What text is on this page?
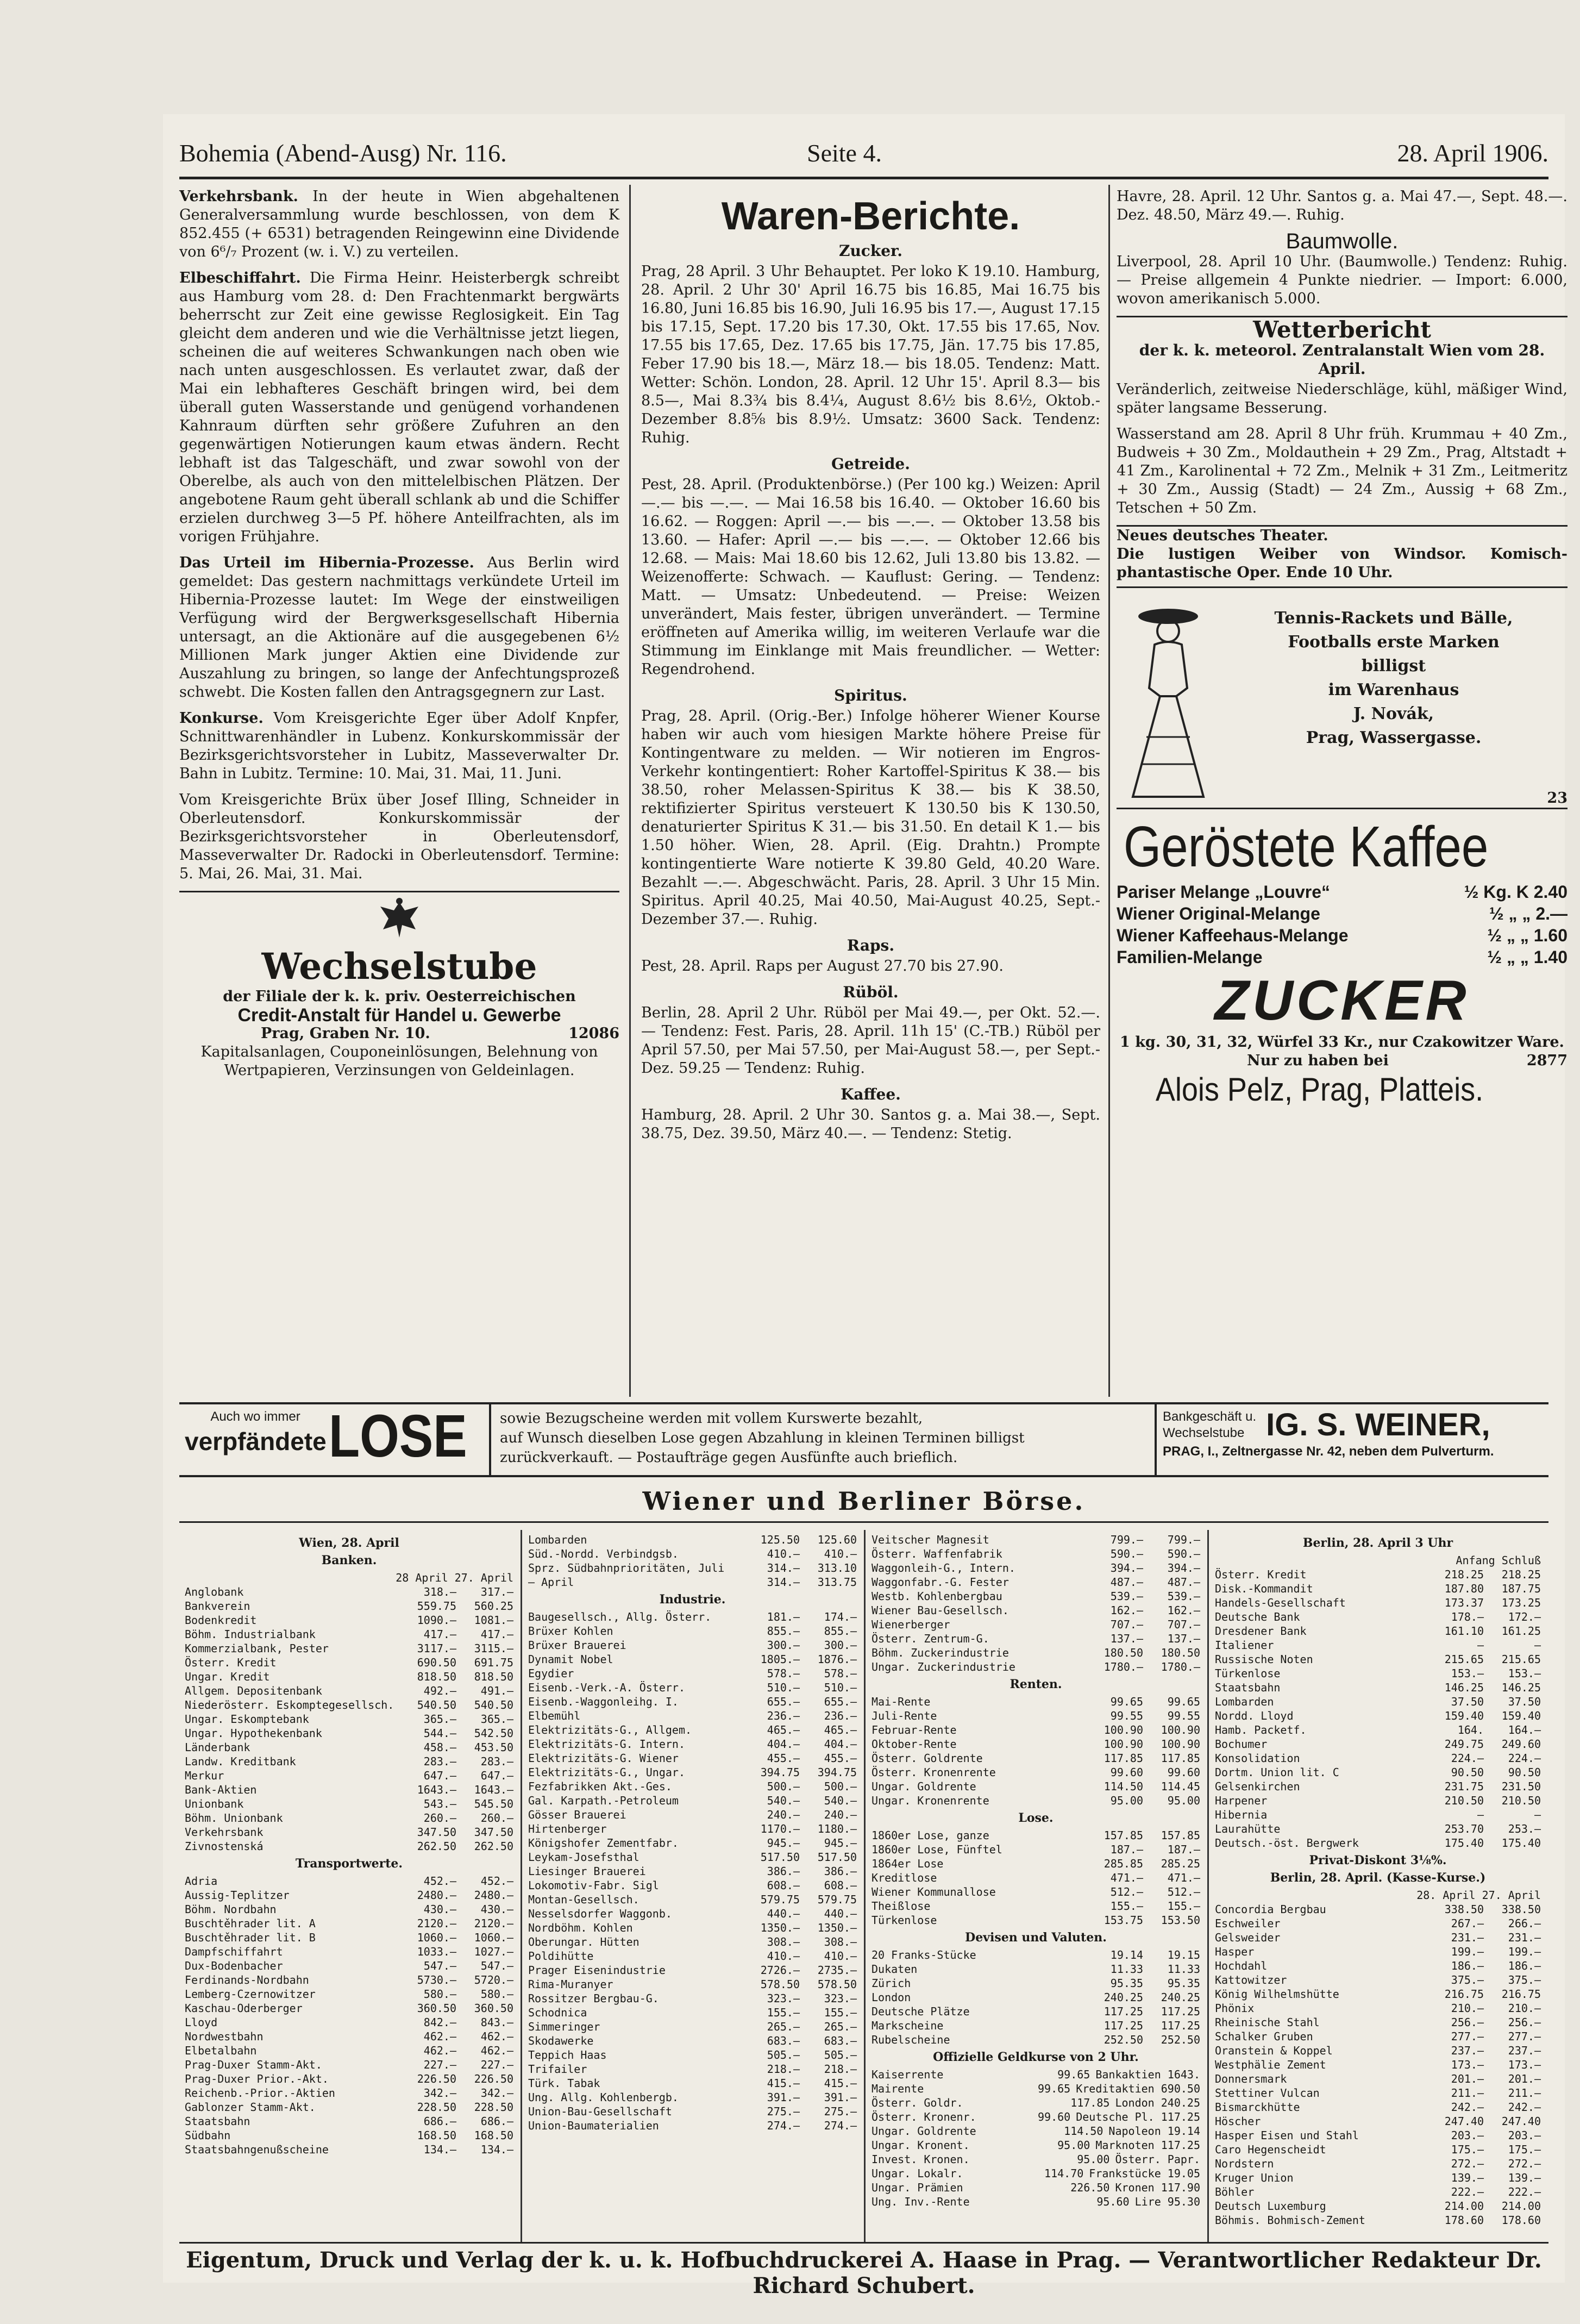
Bohemia (Abend-Ausg) Nr. 116.	Seite 4.	28. April 1906.

Verkehrsbank. In der heute in Wien abgehaltenen Generalversammlung wurde beschlossen, von dem K 852.455 (+ 6531) betragenden Reingewinn eine Dividende von 6⁶/₇ Prozent (w. i. V.) zu verteilen.

Elbeschiffahrt. Die Firma Heinr. Heisterbergk schreibt aus Hamburg vom 28. d: Den Frachtenmarkt bergwärts beherrscht zur Zeit eine gewisse Reglosigkeit. Ein Tag gleicht dem anderen und wie die Verhältnisse jetzt liegen, scheinen die auf weiteres Schwankungen nach oben wie nach unten ausgeschlossen. Es verlautet zwar, daß der Mai ein lebhafteres Geschäft bringen wird, bei dem überall guten Wasserstande und genügend vorhandenen Kahnraum dürften sehr größere Zufuhren an den gegenwärtigen Notierungen kaum etwas ändern. Recht lebhaft ist das Talgeschäft, und zwar sowohl von der Oberelbe, als auch von den mittelelbischen Plätzen. Der angebotene Raum geht überall schlank ab und die Schiffer erzielen durchweg 3—5 Pf. höhere Anteilfrachten, als im vorigen Frühjahre.

Das Urteil im Hibernia-Prozesse. Aus Berlin wird gemeldet: Das gestern nachmittags verkündete Urteil im Hibernia-Prozesse lautet: Im Wege der einstweiligen Verfügung wird der Bergwerksgesellschaft Hibernia untersagt, an die Aktionäre auf die ausgegebenen 6½ Millionen Mark junger Aktien eine Dividende zur Auszahlung zu bringen, so lange der Anfechtungsprozeß schwebt. Die Kosten fallen den Antragsgegnern zur Last.

Konkurse. Vom Kreisgerichte Eger über Adolf Knpfer, Schnittwarenhändler in Lubenz. Konkurskommissär der Bezirksgerichtsvorsteher in Lubitz, Masseverwalter Dr. Bahn in Lubitz. Termine: 10. Mai, 31. Mai, 11. Juni.

Vom Kreisgerichte Brüx über Josef Illing, Schneider in Oberleutensdorf. Konkurskommissär der Bezirksgerichtsvorsteher in Oberleutensdorf, Masseverwalter Dr. Radocki in Oberleutensdorf. Termine: 5. Mai, 26. Mai, 31. Mai.

Wechselstube
der Filiale der k. k. priv. Oesterreichischen
Credit-Anstalt für Handel u. Gewerbe
Prag, Graben Nr. 10.	12086
Kapitalsanlagen, Couponeinlösungen, Belehnung von Wertpapieren, Verzinsungen von Geldeinlagen.
Waren-Berichte.
Zucker.

Prag, 28 April. 3 Uhr Behauptet. Per loko K 19.10. Hamburg, 28. April. 2 Uhr 30' April 16.75 bis 16.85, Mai 16.75 bis 16.80, Juni 16.85 bis 16.90, Juli 16.95 bis 17.—, August 17.15 bis 17.15, Sept. 17.20 bis 17.30, Okt. 17.55 bis 17.65, Nov. 17.55 bis 17.65, Dez. 17.65 bis 17.75, Jän. 17.75 bis 17.85, Feber 17.90 bis 18.—, März 18.— bis 18.05. Tendenz: Matt. Wetter: Schön. London, 28. April. 12 Uhr 15'. April 8.3— bis 8.5—, Mai 8.3¾ bis 8.4¼, August 8.6½ bis 8.6½, Oktob.-Dezember 8.8⅝ bis 8.9½. Umsatz: 3600 Sack. Tendenz: Ruhig.

Getreide.

Pest, 28. April. (Produktenbörse.) (Per 100 kg.) Weizen: April —.— bis —.—. — Mai 16.58 bis 16.40. — Oktober 16.60 bis 16.62. — Roggen: April —.— bis —.—. — Oktober 13.58 bis 13.60. — Hafer: April —.— bis —.—. — Oktober 12.66 bis 12.68. — Mais: Mai 18.60 bis 12.62, Juli 13.80 bis 13.82. — Weizenofferte: Schwach. — Kauflust: Gering. — Tendenz: Matt. — Umsatz: Unbedeutend. — Preise: Weizen unverändert, Mais fester, übrigen unverändert. — Termine eröffneten auf Amerika willig, im weiteren Verlaufe war die Stimmung im Einklange mit Mais freundlicher. — Wetter: Regendrohend.

Spiritus.

Prag, 28. April. (Orig.-Ber.) Infolge höherer Wiener Kourse haben wir auch vom hiesigen Markte höhere Preise für Kontingentware zu melden. — Wir notieren im Engros-Verkehr kontingentiert: Roher Kartoffel-Spiritus K 38.— bis 38.50, roher Melassen-Spiritus K 38.— bis K 38.50, rektifizierter Spiritus versteuert K 130.50 bis K 130.50, denaturierter Spiritus K 31.— bis 31.50. En detail K 1.— bis 1.50 höher. Wien, 28. April. (Eig. Drahtn.) Prompte kontingentierte Ware notierte K 39.80 Geld, 40.20 Ware. Bezahlt —.—. Abgeschwächt. Paris, 28. April. 3 Uhr 15 Min. Spiritus. April 40.25, Mai 40.50, Mai-August 40.25, Sept.-Dezember 37.—. Ruhig.

Raps.

Pest, 28. April. Raps per August 27.70 bis 27.90.

Rüböl.

Berlin, 28. April 2 Uhr. Rüböl per Mai 49.—, per Okt. 52.—. — Tendenz: Fest. Paris, 28. April. 11h 15' (C.-TB.) Rüböl per April 57.50, per Mai 57.50, per Mai-August 58.—, per Sept.-Dez. 59.25 — Tendenz: Ruhig.

Kaffee.

Hamburg, 28. April. 2 Uhr 30. Santos g. a. Mai 38.—, Sept. 38.75, Dez. 39.50, März 40.—. — Tendenz: Stetig.

Havre, 28. April. 12 Uhr. Santos g. a. Mai 47.—, Sept. 48.—. Dez. 48.50, März 49.—. Ruhig.

Baumwolle.

Liverpool, 28. April 10 Uhr. (Baumwolle.) Tendenz: Ruhig. — Preise allgemein 4 Punkte niedrier. — Import: 6.000, wovon amerikanisch 5.000.

Wetterbericht
der k. k. meteorol. Zentralanstalt Wien vom 28. April.

Veränderlich, zeitweise Niederschläge, kühl, mäßiger Wind, später langsame Besserung.

Wasserstand am 28. April 8 Uhr früh. Krummau + 40 Zm., Budweis + 30 Zm., Moldauthein + 29 Zm., Prag, Altstadt + 41 Zm., Karolinental + 72 Zm., Melnik + 31 Zm., Leitmeritz + 30 Zm., Aussig (Stadt) — 24 Zm., Aussig + 68 Zm., Tetschen + 50 Zm.

Neues deutsches Theater.

Die lustigen Weiber von Windsor. Komisch-phantastische Oper. Ende 10 Uhr.

Tennis-Rackets und Bälle,
Footballs erste Marken
billigst
im Warenhaus
J. Novák,
Prag, Wassergasse.
23
Geröstete Kaffee
Pariser Melange „Louvre“	½ Kg. K 2.40
Wiener Original-Melange	½ „ „ 2.—
Wiener Kaffeehaus-Melange	½ „ „ 1.60
Familien-Melange	½ „ „ 1.40
ZUCKER
1 kg. 30, 31, 32, Würfel 33 Kr., nur Czakowitzer Ware.
Nur zu haben bei	2877
Alois Pelz, Prag, Platteis.
Auch wo immer
verpfändete LOSE sowie Bezugscheine werden mit vollem Kurswerte bezahlt,
auf Wunsch dieselben Lose gegen Abzahlung in kleinen Terminen billigst
zurückverkauft. — Postaufträge gegen Ausfünfte auch brieflich.
Bankgeschäft u.
Wechselstube IG. S. WEINER,
PRAG, I., Zeltnergasse Nr. 42, neben dem Pulverturm.
Wiener und Berliner Börse.
Wien, 28. April
Banken.
28 April 27. April
Anglobank	318.— 317.—
Bankverein	559.75 560.25
Bodenkredit	1090.— 1081.—
Böhm. Industrialbank	417.— 417.—
Kommerzialbank, Pester	3117.— 3115.—
Österr. Kredit	690.50 691.75
Ungar. Kredit	818.50 818.50
Allgem. Depositenbank	492.— 491.—
Niederösterr. Eskomptegesellsch.	540.50 540.50
Ungar. Eskomptebank	365.— 365.—
Ungar. Hypothekenbank	544.— 542.50
Länderbank	458.— 453.50
Landw. Kreditbank	283.— 283.—
Merkur	647.— 647.—
Bank-Aktien	1643.— 1643.—
Unionbank	543.— 545.50
Böhm. Unionbank	260.— 260.—
Verkehrsbank	347.50 347.50
Zivnostenská	262.50 262.50
Transportwerte.
Adria	452.— 452.—
Aussig-Teplitzer	2480.— 2480.—
Böhm. Nordbahn	430.— 430.—
Buschtěhrader lit. A	2120.— 2120.—
Buschtěhrader lit. B	1060.— 1060.—
Dampfschiffahrt	1033.— 1027.—
Dux-Bodenbacher	547.— 547.—
Ferdinands-Nordbahn	5730.— 5720.—
Lemberg-Czernowitzer	580.— 580.—
Kaschau-Oderberger	360.50 360.50
Lloyd	842.— 843.—
Nordwestbahn	462.— 462.—
Elbetalbahn	462.— 462.—
Prag-Duxer Stamm-Akt.	227.— 227.—
Prag-Duxer Prior.-Akt.	226.50 226.50
Reichenb.-Prior.-Aktien	342.— 342.—
Gablonzer Stamm-Akt.	228.50 228.50
Staatsbahn	686.— 686.—
Südbahn	168.50 168.50
Staatsbahngenußscheine	134.— 134.—
Lombarden	125.50 125.60
Süd.-Nordd. Verbindgsb.	410.— 410.—
Sprz. Südbahnprioritäten, Juli	314.— 313.10
— April	314.— 313.75
Industrie.
Baugesellsch., Allg. Österr.	181.— 174.—
Brüxer Kohlen	855.— 855.—
Brüxer Brauerei	300.— 300.—
Dynamit Nobel	1805.— 1876.—
Egydier	578.— 578.—
Eisenb.-Verk.-A. Österr.	510.— 510.—
Eisenb.-Waggonleihg. I.	655.— 655.—
Elbemühl	236.— 236.—
Elektrizitäts-G., Allgem.	465.— 465.—
Elektrizitäts-G. Intern.	404.— 404.—
Elektrizitäts-G. Wiener	455.— 455.—
Elektrizitäts-G., Ungar.	394.75 394.75
Fezfabrikken Akt.-Ges.	500.— 500.—
Gal. Karpath.-Petroleum	540.— 540.—
Gösser Brauerei	240.— 240.—
Hirtenberger	1170.— 1180.—
Königshofer Zementfabr.	945.— 945.—
Leykam-Josefsthal	517.50 517.50
Liesinger Brauerei	386.— 386.—
Lokomotiv-Fabr. Sigl	608.— 608.—
Montan-Gesellsch.	579.75 579.75
Nesselsdorfer Waggonb.	440.— 440.—
Nordböhm. Kohlen	1350.— 1350.—
Oberungar. Hütten	308.— 308.—
Poldihütte	410.— 410.—
Prager Eisenindustrie	2726.— 2735.—
Rima-Muranyer	578.50 578.50
Rossitzer Bergbau-G.	323.— 323.—
Schodnica	155.— 155.—
Simmeringer	265.— 265.—
Skodawerke	683.— 683.—
Teppich Haas	505.— 505.—
Trifailer	218.— 218.—
Türk. Tabak	415.— 415.—
Ung. Allg. Kohlenbergb.	391.— 391.—
Union-Bau-Gesellschaft	275.— 275.—
Union-Baumaterialien	274.— 274.—
Veitscher Magnesit	799.— 799.—
Österr. Waffenfabrik	590.— 590.—
Waggonleih-G., Intern.	394.— 394.—
Waggonfabr.-G. Fester	487.— 487.—
Westb. Kohlenbergbau	539.— 539.—
Wiener Bau-Gesellsch.	162.— 162.—
Wienerberger	707.— 707.—
Österr. Zentrum-G.	137.— 137.—
Böhm. Zuckerindustrie	180.50 180.50
Ungar. Zuckerindustrie	1780.— 1780.—
Renten.
Mai-Rente	99.65 99.65
Juli-Rente	99.55 99.55
Februar-Rente	100.90 100.90
Oktober-Rente	100.90 100.90
Österr. Goldrente	117.85 117.85
Österr. Kronenrente	99.60 99.60
Ungar. Goldrente	114.50 114.45
Ungar. Kronenrente	95.00 95.00
Lose.
1860er Lose, ganze	157.85 157.85
1860er Lose, Fünftel	187.— 187.—
1864er Lose	285.85 285.25
Kreditlose	471.— 471.—
Wiener Kommunallose	512.— 512.—
Theißlose	155.— 155.—
Türkenlose	153.75 153.50
Devisen und Valuten.
20 Franks-Stücke	19.14 19.15
Dukaten	11.33 11.33
Zürich	95.35 95.35
London	240.25 240.25
Deutsche Plätze	117.25 117.25
Markscheine	117.25 117.25
Rubelscheine	252.50 252.50
Offizielle Geldkurse von 2 Uhr.
Kaiserrente	99.65 Bankaktien 1643.
Mairente	99.65 Kreditaktien 690.50
Österr. Goldr.	117.85 London 240.25
Österr. Kronenr.	99.60 Deutsche Pl. 117.25
Ungar. Goldrente	114.50 Napoleon 19.14
Ungar. Kronent.	95.00 Marknoten 117.25
Invest. Kronen.	95.00 Österr. Papr.
Ungar. Lokalr.	114.70 Frankstücke 19.05
Ungar. Prämien	226.50 Kronen 117.90
Ung. Inv.-Rente	95.60 Lire 95.30
Berlin, 28. April 3 Uhr
Anfang Schluß
Österr. Kredit	218.25 218.25
Disk.-Kommandit	187.80 187.75
Handels-Gesellschaft	173.37 173.25
Deutsche Bank	178.— 172.—
Dresdener Bank	161.10 161.25
Italiener	—	—
Russische Noten	215.65 215.65
Türkenlose	153.— 153.—
Staatsbahn	146.25 146.25
Lombarden	37.50 37.50
Nordd. Lloyd	159.40 159.40
Hamb. Packetf.	164. 164.—
Bochumer	249.75 249.60
Konsolidation	224.— 224.—
Dortm. Union lit. C	90.50 90.50
Gelsenkirchen	231.75 231.50
Harpener	210.50 210.50
Hibernia	—	—
Laurahütte	253.70 253.—
Deutsch.-öst. Bergwerk	175.40 175.40
Privat-Diskont 3⅛%.
Berlin, 28. April. (Kasse-Kurse.)
28. April 27. April
Concordia Bergbau	338.50 338.50
Eschweiler	267.— 266.—
Gelsweider	231.— 231.—
Hasper	199.— 199.—
Hochdahl	186.— 186.—
Kattowitzer	375.— 375.—
König Wilhelmshütte	216.75 216.75
Phönix	210.— 210.—
Rheinische Stahl	256.— 256.—
Schalker Gruben	277.— 277.—
Oranstein & Koppel	237.— 237.—
Westphälie Zement	173.— 173.—
Donnersmark	201.— 201.—
Stettiner Vulcan	211.— 211.—
Bismarckhütte	242.— 242.—
Höscher	247.40 247.40
Hasper Eisen und Stahl	203.— 203.—
Caro Hegenscheidt	175.— 175.—
Nordstern	272.— 272.—
Kruger Union	139.— 139.—
Böhler	222.— 222.—
Deutsch Luxemburg	214.00 214.00
Böhmis. Bohmisch-Zement	178.60 178.60
Eigentum, Druck und Verlag der k. u. k. Hofbuchdruckerei A. Haase in Prag. — Verantwortlicher Redakteur Dr. Richard Schubert.
